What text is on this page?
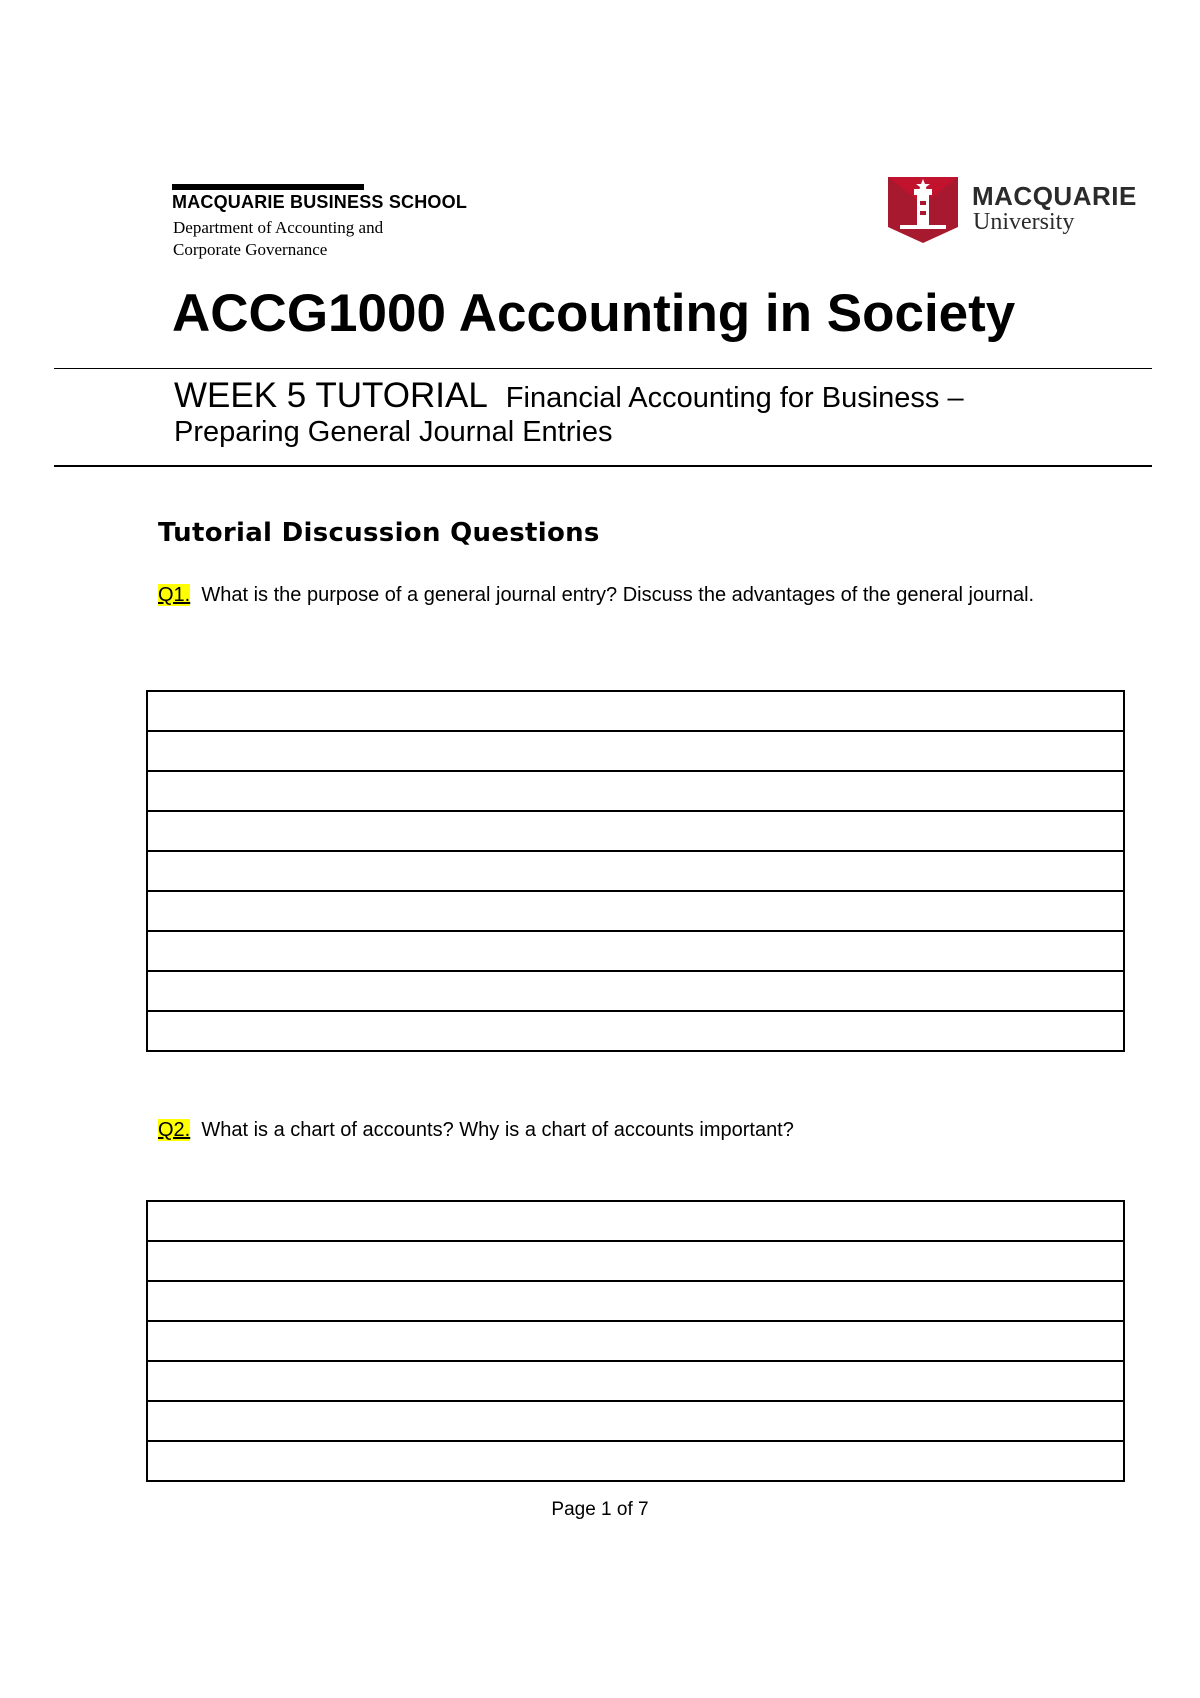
MACQUARIE BUSINESS SCHOOL
Department of Accounting and
Corporate Governance
MACQUARIE
University
ACCG1000 Accounting in Society
WEEK 5 TUTORIAL Financial Accounting for Business –
Preparing General Journal Entries
Tutorial Discussion Questions
Q1. What is the purpose of a general journal entry? Discuss the advantages of the general journal.

Q2. What is a chart of accounts? Why is a chart of accounts important?

Page 1 of 7
